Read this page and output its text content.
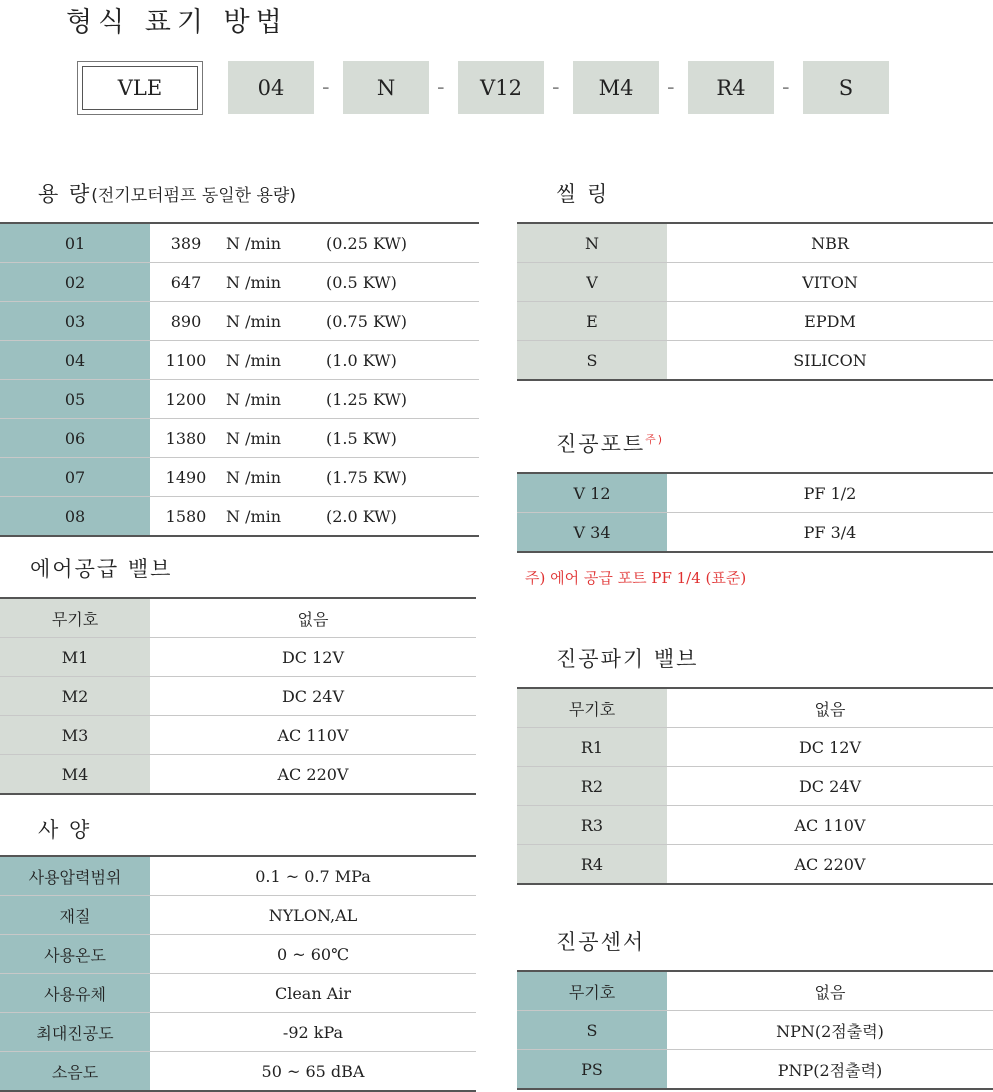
형식 표기 방법
VLE	04	-	N	-	V12	-	M4	-	R4	-	S
용 량(전기모터펌프 동일한 용량)
01	389 N /min (0.25 KW)
02	647 N /min (0.5 KW)
03	890 N /min (0.75 KW)
04	1100 N /min (1.0 KW)
05	1200 N /min (1.25 KW)
06	1380 N /min (1.5 KW)
07	1490 N /min (1.75 KW)
08	1580 N /min (2.0 KW)
에어공급 밸브
무기호	없음
M1	DC 12V
M2	DC 24V
M3	AC 110V
M4	AC 220V
사 양
사용압력범위	0.1 ~ 0.7 MPa
재질	NYLON,AL
사용온도	0 ~ 60℃
사용유체	Clean Air
최대진공도	-92 kPa
소음도	50 ~ 65 dBA
씰 링
N	NBR
V	VITON
E	EPDM
S	SILICON
진공포트$^{주)}$
V 12	PF 1/2
V 34	PF 3/4
주) 에어 공급 포트 PF 1/4 (표준)
진공파기 밸브
무기호	없음
R1	DC 12V
R2	DC 24V
R3	AC 110V
R4	AC 220V
진공센서
무기호	없음
S	NPN(2점출력)
PS	PNP(2점출력)
